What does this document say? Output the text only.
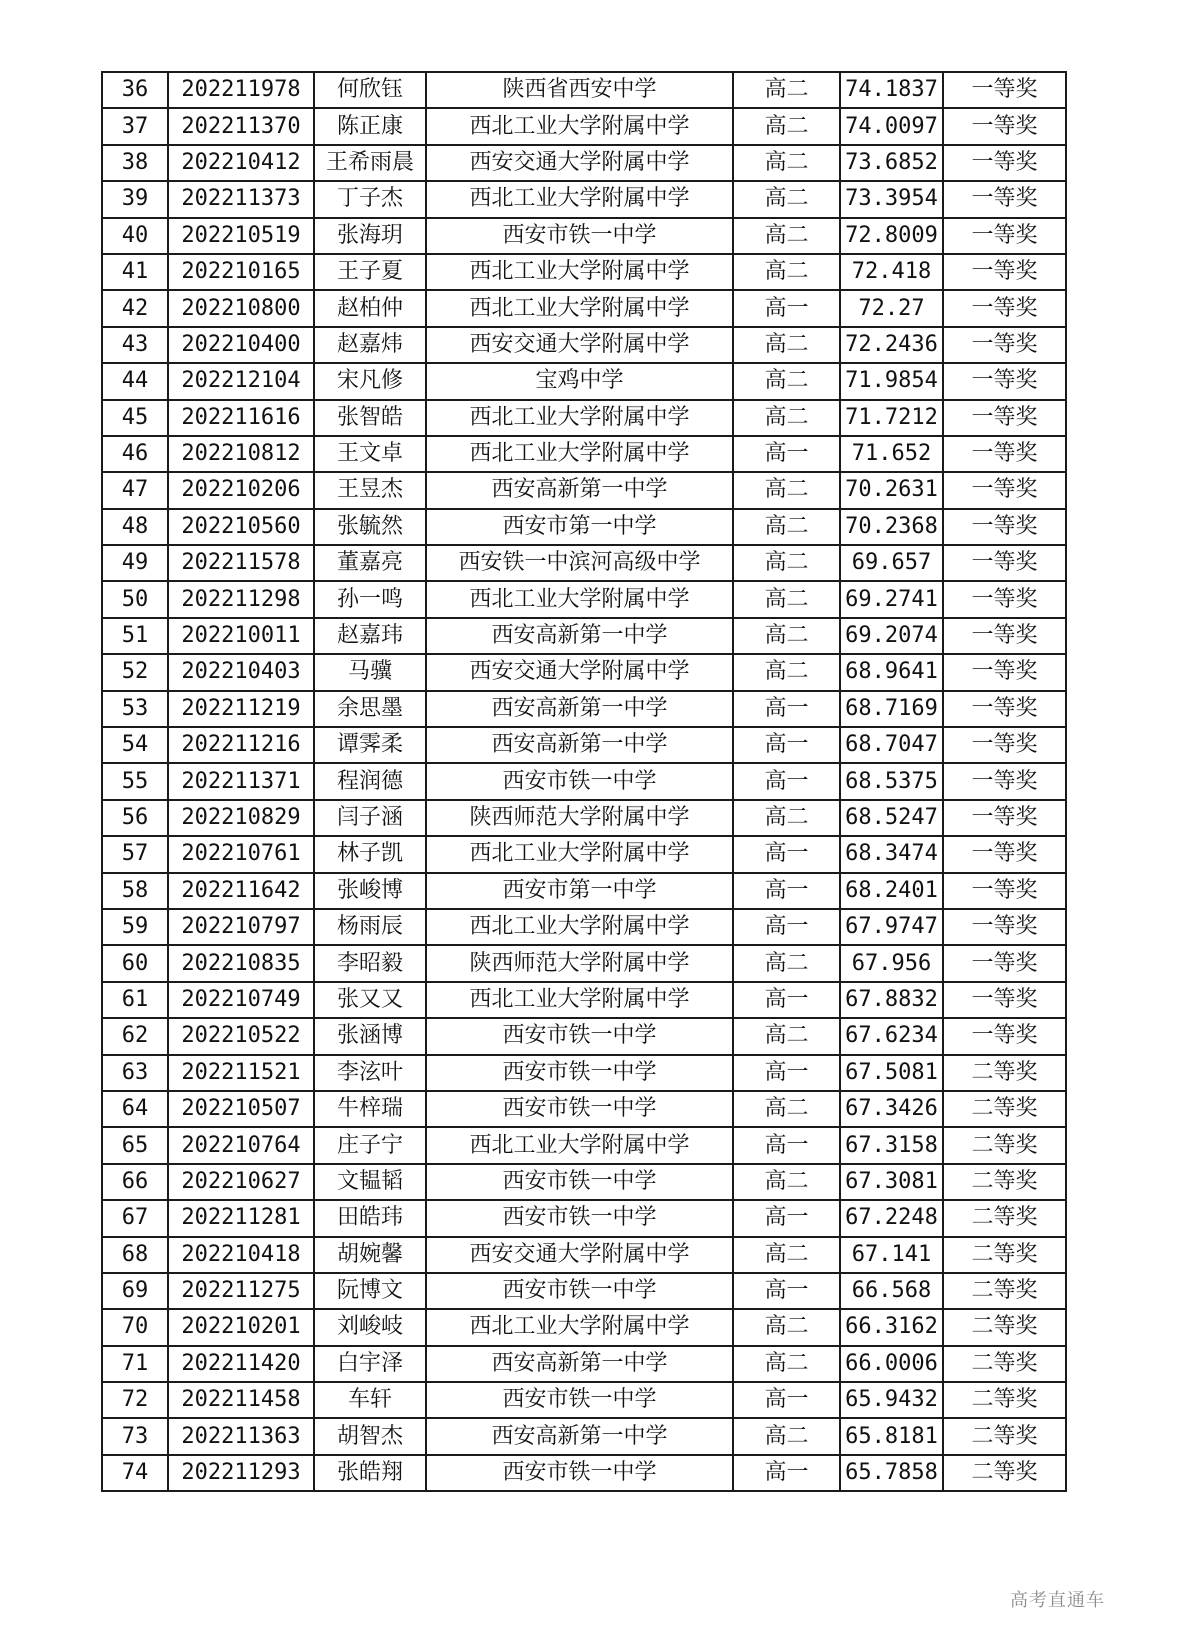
36	202211978	何欣钰	陕西省西安中学	高二	74.1837	一等奖
37	202211370	陈正康	西北工业大学附属中学	高二	74.0097	一等奖
38	202210412	王希雨晨	西安交通大学附属中学	高二	73.6852	一等奖
39	202211373	丁子杰	西北工业大学附属中学	高二	73.3954	一等奖
40	202210519	张海玥	西安市铁一中学	高二	72.8009	一等奖
41	202210165	王子夏	西北工业大学附属中学	高二	72.418	一等奖
42	202210800	赵柏仲	西北工业大学附属中学	高一	72.27	一等奖
43	202210400	赵嘉炜	西安交通大学附属中学	高二	72.2436	一等奖
44	202212104	宋凡修	宝鸡中学	高二	71.9854	一等奖
45	202211616	张智皓	西北工业大学附属中学	高二	71.7212	一等奖
46	202210812	王文卓	西北工业大学附属中学	高一	71.652	一等奖
47	202210206	王昱杰	西安高新第一中学	高二	70.2631	一等奖
48	202210560	张毓然	西安市第一中学	高二	70.2368	一等奖
49	202211578	董嘉亮	西安铁一中滨河高级中学	高二	69.657	一等奖
50	202211298	孙一鸣	西北工业大学附属中学	高二	69.2741	一等奖
51	202210011	赵嘉玮	西安高新第一中学	高二	69.2074	一等奖
52	202210403	马骥	西安交通大学附属中学	高二	68.9641	一等奖
53	202211219	余思墨	西安高新第一中学	高一	68.7169	一等奖
54	202211216	谭霁柔	西安高新第一中学	高一	68.7047	一等奖
55	202211371	程润德	西安市铁一中学	高一	68.5375	一等奖
56	202210829	闫子涵	陕西师范大学附属中学	高二	68.5247	一等奖
57	202210761	林子凯	西北工业大学附属中学	高一	68.3474	一等奖
58	202211642	张峻博	西安市第一中学	高一	68.2401	一等奖
59	202210797	杨雨辰	西北工业大学附属中学	高一	67.9747	一等奖
60	202210835	李昭毅	陕西师范大学附属中学	高二	67.956	一等奖
61	202210749	张又又	西北工业大学附属中学	高一	67.8832	一等奖
62	202210522	张涵博	西安市铁一中学	高二	67.6234	一等奖
63	202211521	李泫叶	西安市铁一中学	高一	67.5081	二等奖
64	202210507	牛梓瑞	西安市铁一中学	高二	67.3426	二等奖
65	202210764	庄子宁	西北工业大学附属中学	高一	67.3158	二等奖
66	202210627	文韫韬	西安市铁一中学	高二	67.3081	二等奖
67	202211281	田皓玮	西安市铁一中学	高一	67.2248	二等奖
68	202210418	胡婉馨	西安交通大学附属中学	高二	67.141	二等奖
69	202211275	阮博文	西安市铁一中学	高一	66.568	二等奖
70	202210201	刘峻岐	西北工业大学附属中学	高二	66.3162	二等奖
71	202211420	白宇泽	西安高新第一中学	高二	66.0006	二等奖
72	202211458	车轩	西安市铁一中学	高一	65.9432	二等奖
73	202211363	胡智杰	西安高新第一中学	高二	65.8181	二等奖
74	202211293	张皓翔	西安市铁一中学	高一	65.7858	二等奖
高考直通车
